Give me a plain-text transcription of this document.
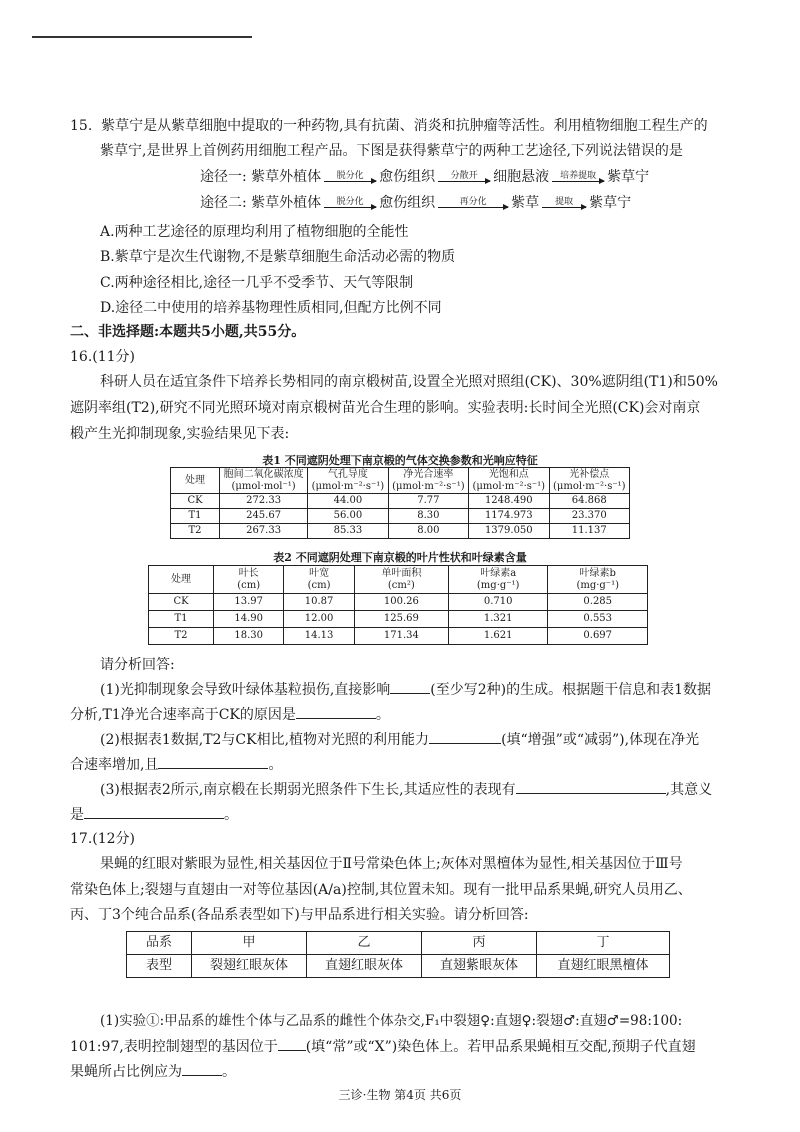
15. 紫草宁是从紫草细胞中提取的一种药物,具有抗菌、消炎和抗肿瘤等活性。利用植物细胞工程生产的
紫草宁,是世界上首例药用细胞工程产品。下图是获得紫草宁的两种工艺途径,下列说法错误的是
途径一:
紫草外植体 脱分化 愈伤组织 分散开 细胞悬液 培养提取 紫草宁
途径二:
紫草外植体 脱分化 愈伤组织	再分化 紫草 提取 紫草宁
A.两种工艺途径的原理均利用了植物细胞的全能性
B.紫草宁是次生代谢物,不是紫草细胞生命活动必需的物质
C.两种途径相比,途径一几乎不受季节、天气等限制
D.途径二中使用的培养基物理性质相同,但配方比例不同
二、非选择题:本题共5小题,共55分。
16.(11分)
科研人员在适宜条件下培养长势相同的南京椴树苗,设置全光照对照组(CK)、30%遮阴组(T1)和50%
遮阴率组(T2),研究不同光照环境对南京椴树苗光合生理的影响。实验表明:长时间全光照(CK)会对南京
椴产生光抑制现象,实验结果见下表:
表1 不同遮阴处理下南京椴的气体交换参数和光响应特征
处理	胞间二氧化碳浓度
(μmol·mol⁻¹)	气孔导度
(μmol·m⁻²·s⁻¹)	净光合速率
(μmol·m⁻²·s⁻¹)	光饱和点
(μmol·m⁻²·s⁻¹)	光补偿点
(μmol·m⁻²·s⁻¹)
CK	272.33	44.00	7.77	1248.490	64.868
T1	245.67	56.00	8.30	1174.973	23.370
T2	267.33	85.33	8.00	1379.050	11.137
表2 不同遮阴处理下南京椴的叶片性状和叶绿素含量
处理	叶长
(cm)	叶宽
(cm)	单叶面积
(cm²)	叶绿素a
(mg·g⁻¹)	叶绿素b
(mg·g⁻¹)
CK	13.97	10.87	100.26	0.710	0.285
T1	14.90	12.00	125.69	1.321	0.553
T2	18.30	14.13	171.34	1.621	0.697
请分析回答:
(1)光抑制现象会导致叶绿体基粒损伤,直接影响	(至少写2种)的生成。根据题干信息和表1数据
分析,T1净光合速率高于CK的原因是	。
(2)根据表1数据,T2与CK相比,植物对光照的利用能力	(填“增强”或“减弱”),体现在净光
合速率增加,且	。
(3)根据表2所示,南京椴在长期弱光照条件下生长,其适应性的表现有	,其意义
是	。
17.(12分)
果蝇的红眼对紫眼为显性,相关基因位于Ⅱ号常染色体上;灰体对黑檀体为显性,相关基因位于Ⅲ号
常染色体上;裂翅与直翅由一对等位基因(A/a)控制,其位置未知。现有一批甲品系果蝇,研究人员用乙、
丙、丁3个纯合品系(各品系表型如下)与甲品系进行相关实验。请分析回答:
品系	甲	乙	丙	丁
表型	裂翅红眼灰体	直翅红眼灰体	直翅紫眼灰体	直翅红眼黑檀体
(1)实验①:甲品系的雄性个体与乙品系的雌性个体杂交,F₁中裂翅♀:直翅♀:裂翅♂:直翅♂=98:100:
101:97,表明控制翅型的基因位于 (填“常”或“X”)染色体上。若甲品系果蝇相互交配,预期子代直翅
果蝇所占比例应为	。
三诊·生物 第4页 共6页
